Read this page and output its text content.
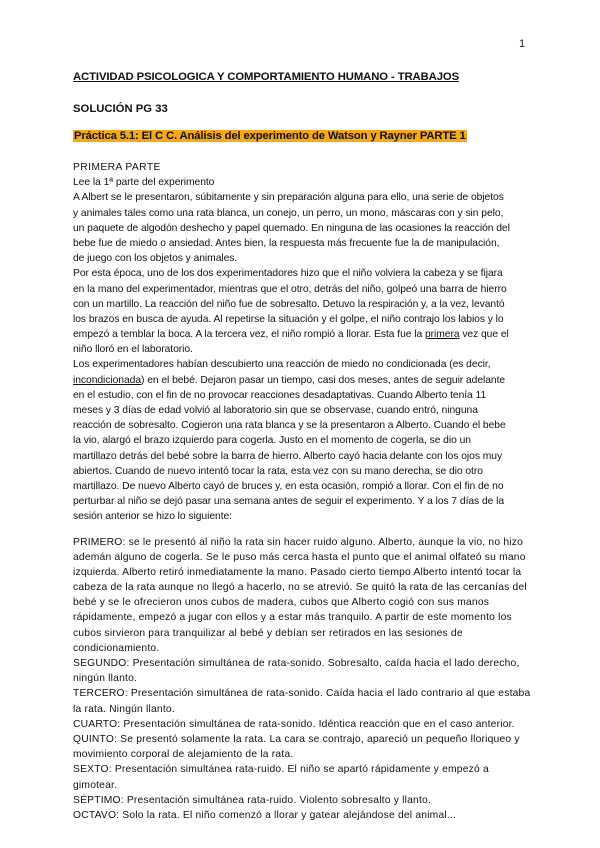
1
ACTIVIDAD PSICOLOGICA Y COMPORTAMIENTO HUMANO - TRABAJOS
SOLUCIÓN PG 33
Práctica 5.1: El C C. Análisis del experimento de Watson y Rayner PARTE 1
PRIMERA PARTE
Lee la 1ª parte del experimento
A Albert se le presentaron, súbitamente y sin preparación alguna para ello, una serie de objetos
y animales tales como una rata blanca, un conejo, un perro, un mono, máscaras con y sin pelo,
un paquete de algodón deshecho y papel quemado. En ninguna de las ocasiones la reacción del
bebe fue de miedo o ansiedad. Antes bien, la respuesta más frecuente fue la de manipulación,
de juego con los objetos y animales.
Por esta época, uno de los dos experimentadores hizo que el niño volviera la cabeza y se fijara
en la mano del experimentador, mientras que el otro, detrás del niño, golpeó una barra de hierro
con un martillo. La reacción del niño fue de sobresalto. Detuvo la respiración y, a la vez, levantó
los brazos en busca de ayuda. Al repetirse la situación y el golpe, el niño contrajo los labios y lo
empezó a temblar la boca. A la tercera vez, el niño rompió a llorar. Esta fue la primera vez que el
niño lloró en el laboratorio.
Los experimentadores habían descubierto una reacción de miedo no condicionada (es decir,
incondicionada) en el bebé. Dejaron pasar un tiempo, casi dos meses, antes de seguir adelante
en el estudio, con el fin de no provocar reacciones desadaptativas. Cuando Alberto tenía 11
meses y 3 días de edad volvió al laboratorio sin que se observase, cuando entró, ninguna
reacción de sobresalto. Cogieron una rata blanca y se la presentaron a Alberto. Cuando el bebe
la vio, alargó el brazo izquierdo para cogerla. Justo en el momento de cogerla, se dio un
martillazo detrás del bebé sobre la barra de hierro. Alberto cayó hacia delante con los ojos muy
abiertos. Cuando de nuevo intentó tocar la rata, esta vez con su mano derecha, se dio otro
martillazo. De nuevo Alberto cayó de bruces y, en esta ocasión, rompió a llorar. Con el fin de no
perturbar al niño se dejó pasar una semana antes de seguir el experimento. Y a los 7 días de la
sesión anterior se hizo lo siguiente:
PRIMERO: se le presentó al niño la rata sin hacer ruido alguno. Alberto, aunque la vio, no hizo
ademán alguno de cogerla. Se le puso más cerca hasta el punto que el animal olfateó su mano
izquierda. Alberto retiró inmediatamente la mano. Pasado cierto tiempo Alberto intentó tocar la
cabeza de la rata aunque no llegó a hacerlo, no se atrevió. Se quitó la rata de las cercanías del
bebé y se le ofrecieron unos cubos de madera, cubos que Alberto cogió con sus manos
rápidamente, empezó a jugar con ellos y a estar más tranquilo. A partir de este momento los
cubos sirvieron para tranquilizar al bebé y debían ser retirados en las sesiones de
condicionamiento.
SEGUNDO: Presentación simultánea de rata-sonido. Sobresalto, caída hacia el lado derecho,
ningún llanto.
TERCERO: Presentación simultánea de rata-sonido. Caída hacia el lado contrario al que estaba
la rata. Ningún llanto.
CUARTO: Presentación simultánea de rata-sonido. Idéntica reacción que en el caso anterior.
QUINTO: Se presentó solamente la rata. La cara se contrajo, apareció un pequeño lloriqueo y
movimiento corporal de alejamiento de la rata.
SEXTO: Presentación simultánea rata-ruido. El niño se apartó rápidamente y empezó a
gimotear.
SÉPTIMO: Presentación simultánea rata-ruido. Violento sobresalto y llanto.
OCTAVO: Solo la rata. El niño comenzó a llorar y gatear alejándose del animal...
